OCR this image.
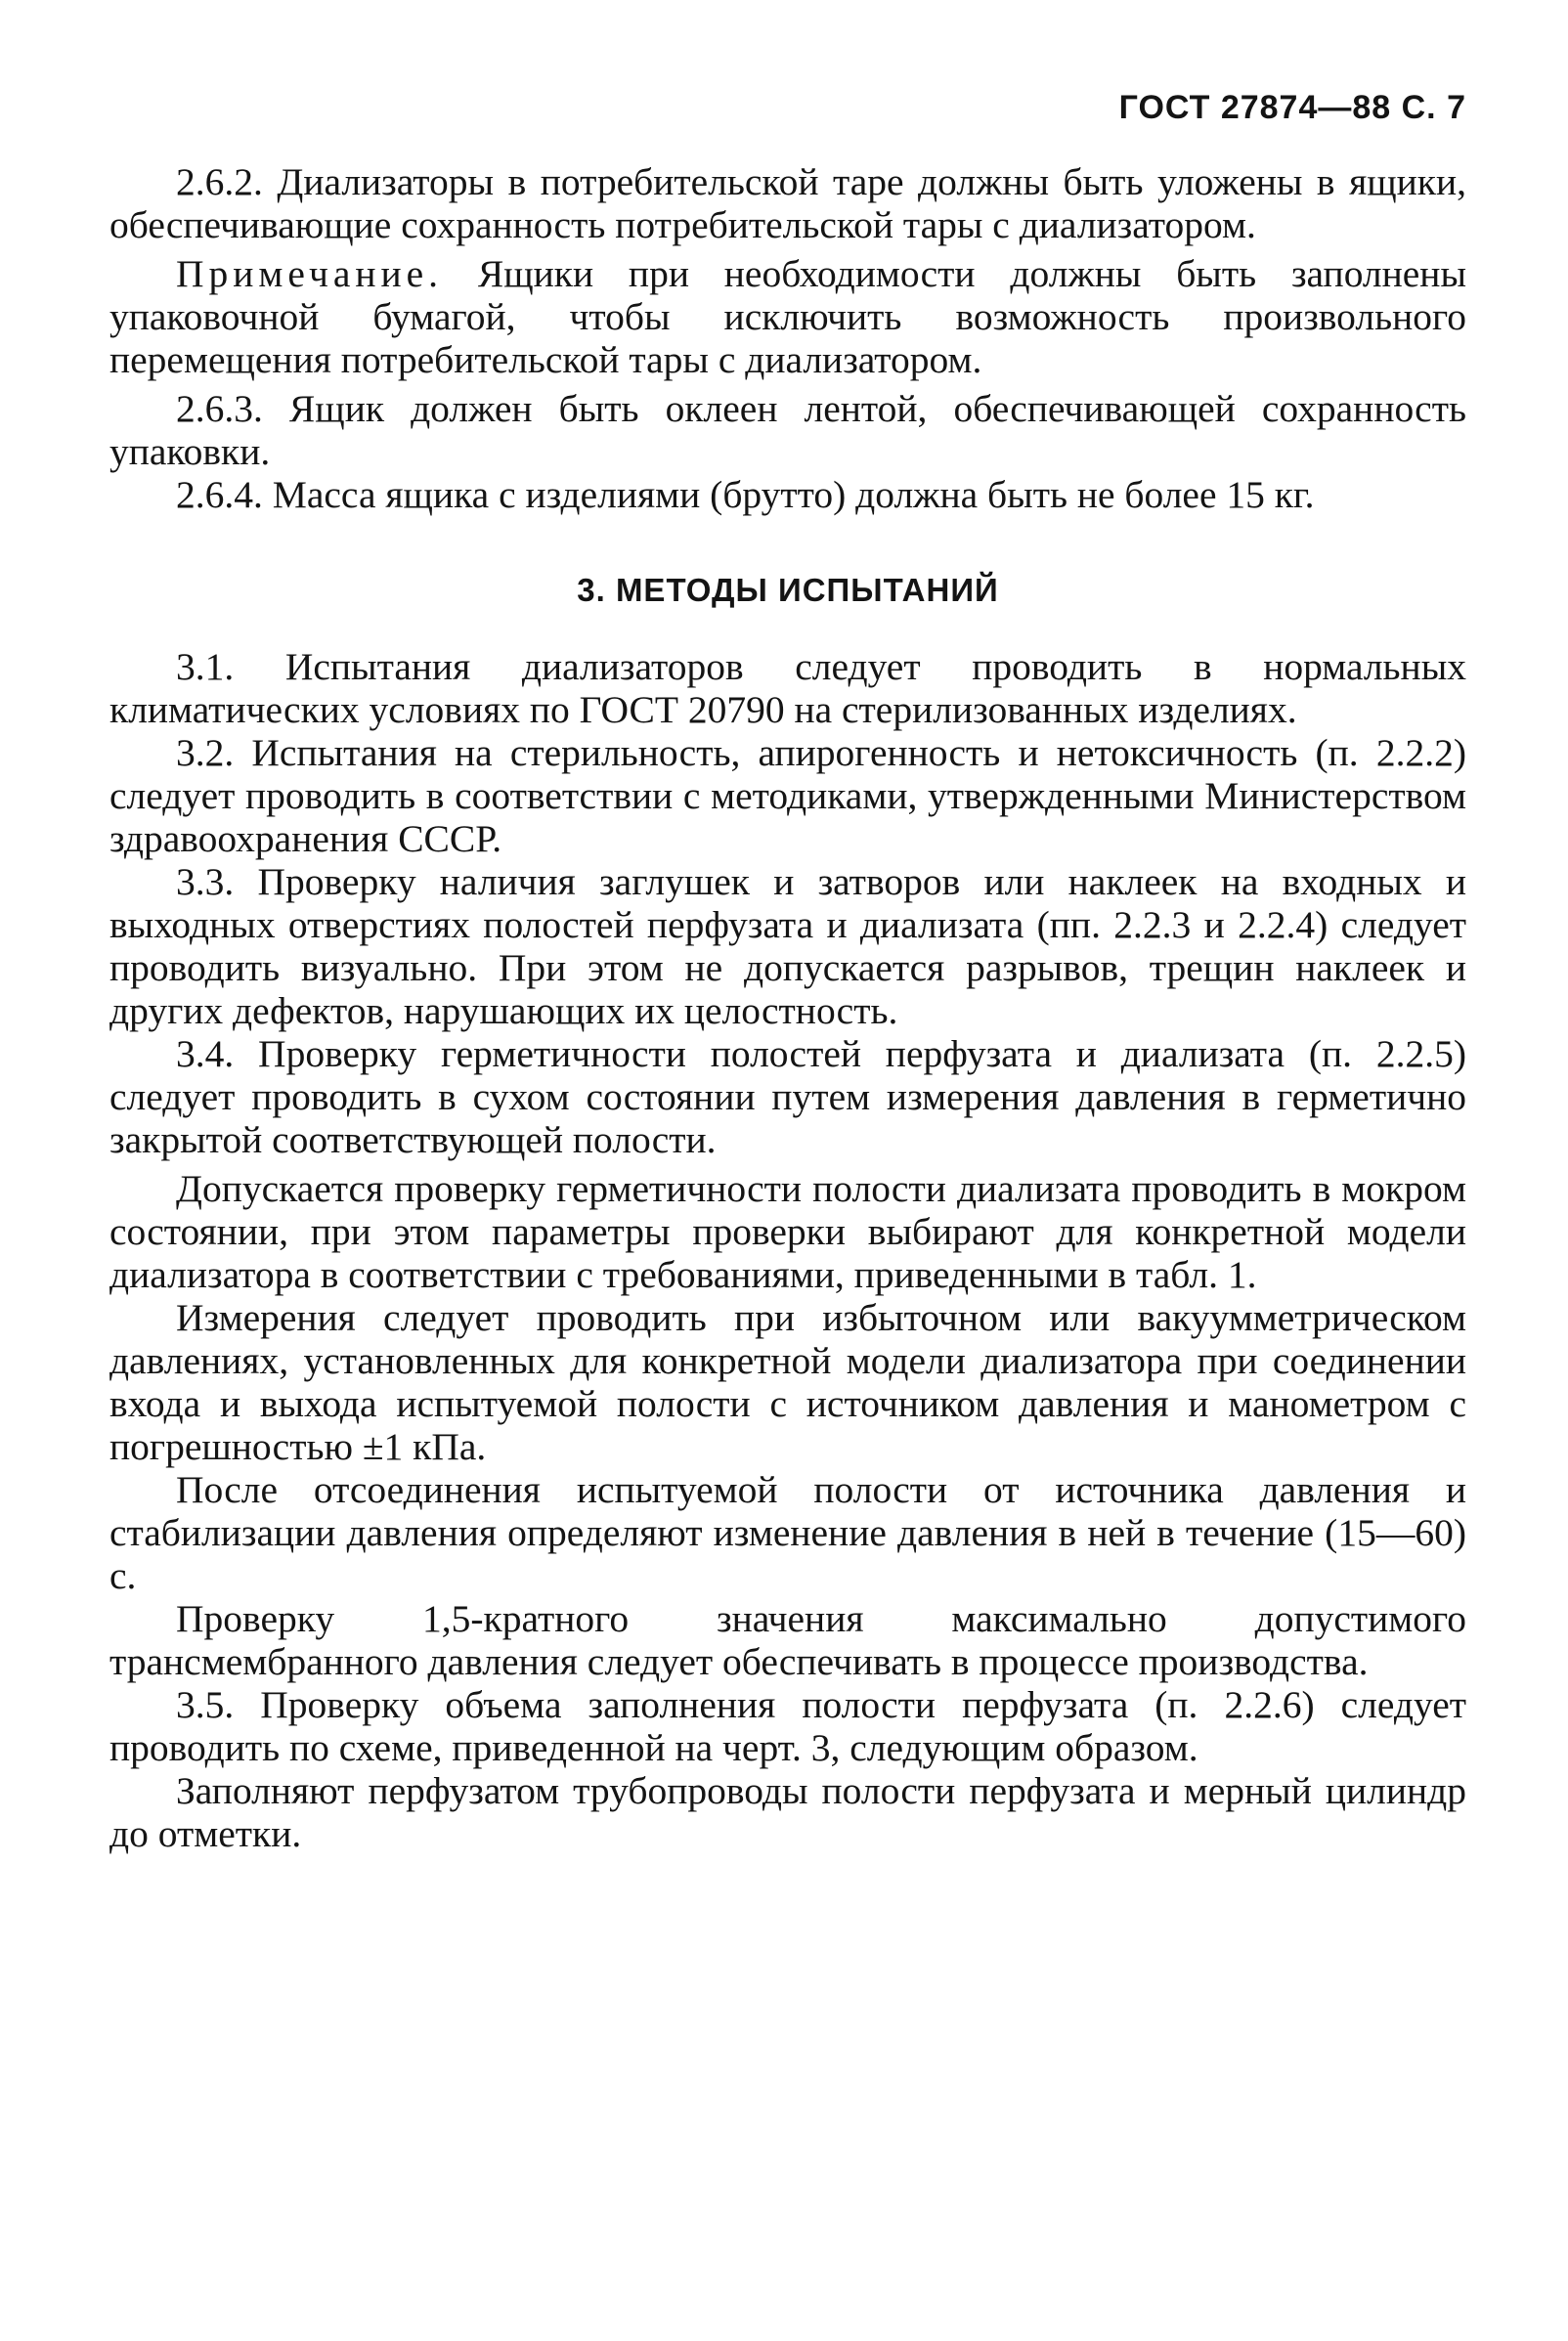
ГОСТ 27874—88 С. 7

2.6.2. Диализаторы в потребительской таре должны быть уложены в ящики, обеспечивающие сохранность потребительской тары с диализатором.

Примечание. Ящики при необходимости должны быть заполнены упаковочной бумагой, чтобы исключить возможность произвольного перемещения потребительской тары с диализатором.

2.6.3. Ящик должен быть оклеен лентой, обеспечивающей сохранность упаковки.

2.6.4. Масса ящика с изделиями (брутто) должна быть не более 15 кг.

3. МЕТОДЫ ИСПЫТАНИЙ

3.1. Испытания диализаторов следует проводить в нормальных климатических условиях по ГОСТ 20790 на стерилизованных изделиях.

3.2. Испытания на стерильность, апирогенность и нетоксичность (п. 2.2.2) следует проводить в соответствии с методиками, утвержденными Министерством здравоохранения СССР.

3.3. Проверку наличия заглушек и затворов или наклеек на входных и выходных отверстиях полостей перфузата и диализата (пп. 2.2.3 и 2.2.4) следует проводить визуально. При этом не допускается разрывов, трещин наклеек и других дефектов, нарушающих их целостность.

3.4. Проверку герметичности полостей перфузата и диализата (п. 2.2.5) следует проводить в сухом состоянии путем измерения давления в герметично закрытой соответствующей полости.

Допускается проверку герметичности полости диализата проводить в мокром состоянии, при этом параметры проверки выбирают для конкретной модели диализатора в соответствии с требованиями, приведенными в табл. 1.

Измерения следует проводить при избыточном или вакуумметрическом давлениях, установленных для конкретной модели диализатора при соединении входа и выхода испытуемой полости с источником давления и манометром с погрешностью ±1 кПа.

После отсоединения испытуемой полости от источника давления и стабилизации давления определяют изменение давления в ней в течение (15—60) с.

Проверку 1,5-кратного значения максимально допустимого трансмембранного давления следует обеспечивать в процессе производства.

3.5. Проверку объема заполнения полости перфузата (п. 2.2.6) следует проводить по схеме, приведенной на черт. 3, следующим образом.

Заполняют перфузатом трубопроводы полости перфузата и мерный цилиндр до отметки.
